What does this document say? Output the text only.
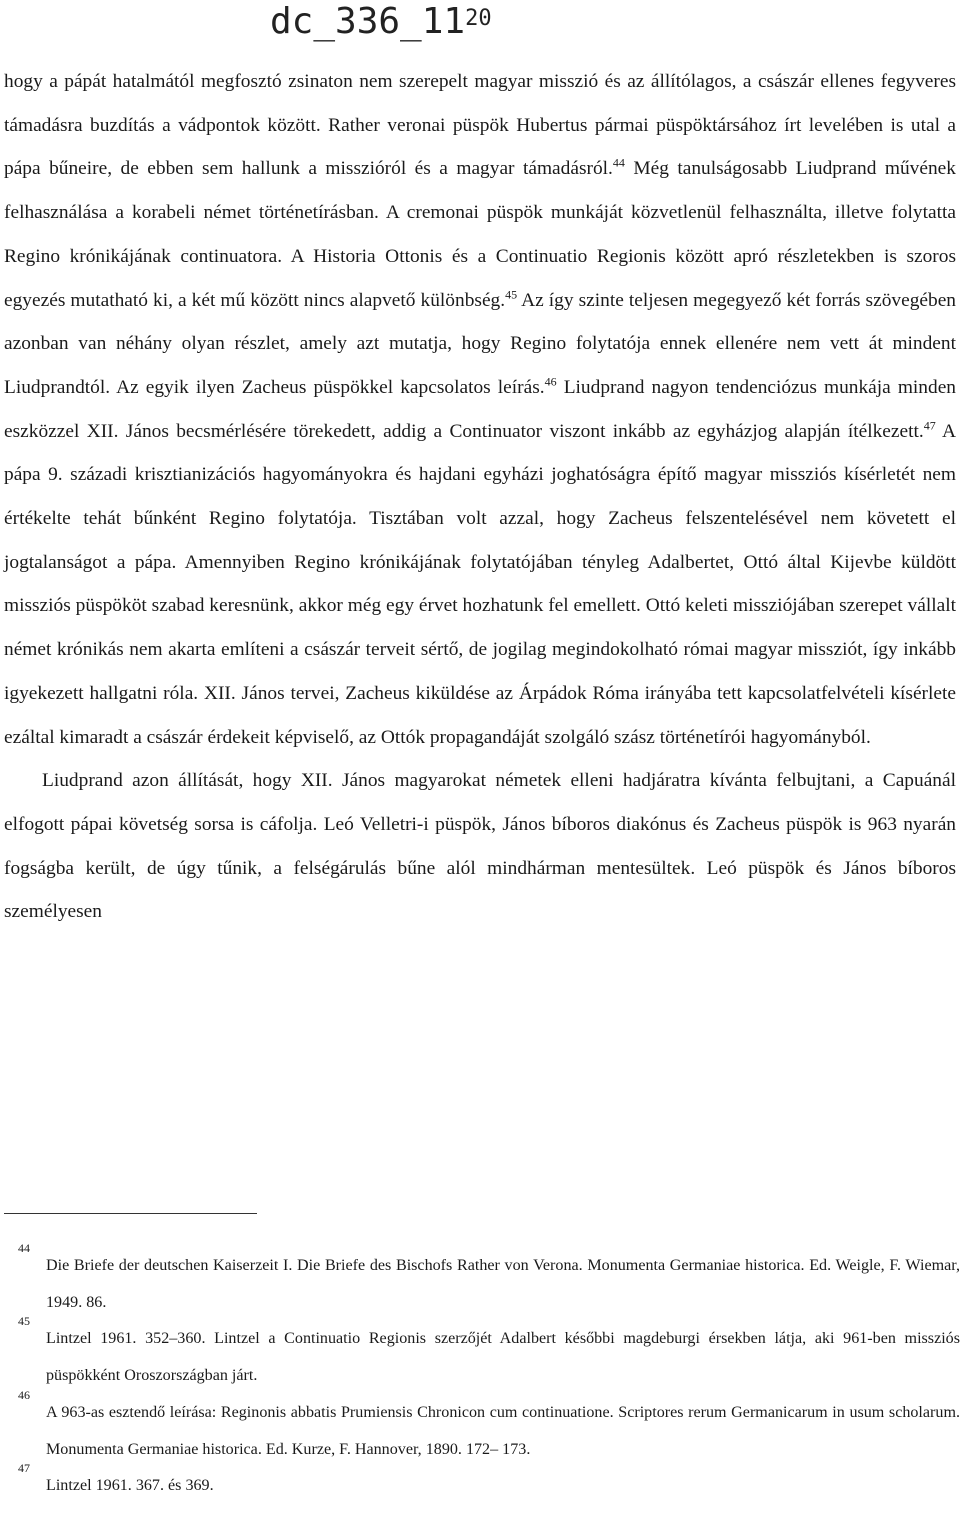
$dc\_336\_11^{20}$

hogy a pápát hatalmától megfosztó zsinaton nem szerepelt magyar misszió és az állítólagos, a császár ellenes fegyveres támadásra buzdítás a vádpontok között. Rather veronai püspök Hubertus pármai püspöktársához írt levelében is utal a pápa bűneire, de ebben sem hallunk a misszióról és a magyar támadásról.$^{44}$ Még tanulságosabb Liudprand művének felhasználása a korabeli német történetírásban. A cremonai püspök munkáját közvetlenül felhasználta, illetve folytatta Regino krónikájának continuatora. A Historia Ottonis és a Continuatio Regionis között apró részletekben is szoros egyezés mutatható ki, a két mű között nincs alapvető különbség.$^{45}$ Az így szinte teljesen megegyező két forrás szövegében azonban van néhány olyan részlet, amely azt mutatja, hogy Regino folytatója ennek ellenére nem vett át mindent Liudprandtól. Az egyik ilyen Zacheus püspökkel kapcsolatos leírás.$^{46}$ Liudprand nagyon tendenciózus munkája minden eszközzel XII. János becsmérlésére törekedett, addig a Continuator viszont inkább az egyházjog alapján ítélkezett.$^{47}$ A pápa 9. századi krisztianizációs hagyományokra és hajdani egyházi joghatóságra építő magyar missziós kísérletét nem értékelte tehát bűnként Regino folytatója. Tisztában volt azzal, hogy Zacheus felszentelésével nem követett el jogtalanságot a pápa. Amennyiben Regino krónikájának folytatójában tényleg Adalbertet, Ottó által Kijevbe küldött missziós püspököt szabad keresnünk, akkor még egy érvet hozhatunk fel emellett. Ottó keleti missziójában szerepet vállalt német krónikás nem akarta említeni a császár terveit sértő, de jogilag megindokolható római magyar missziót, így inkább igyekezett hallgatni róla. XII. János tervei, Zacheus kiküldése az Árpádok Róma irányába tett kapcsolatfelvételi kísérlete ezáltal kimaradt a császár érdekeit képviselő, az Ottók propagandáját szolgáló szász történetírói hagyományból.

Liudprand azon állítását, hogy XII. János magyarokat németek elleni hadjáratra kívánta felbujtani, a Capuánál elfogott pápai követség sorsa is cáfolja. Leó Velletri-i püspök, János bíboros diakónus és Zacheus püspök is 963 nyarán fogságba került, de úgy tűnik, a felségárulás bűne alól mindhárman mentesültek. Leó püspök és János bíboros személyesen

44
Die Briefe der deutschen Kaiserzeit I. Die Briefe des Bischofs Rather von Verona. Monumenta Germaniae historica. Ed. Weigle, F. Wiemar, 1949. 86.
45
Lintzel 1961. 352–360. Lintzel a Continuatio Regionis szerzőjét Adalbert későbbi magdeburgi érsekben látja, aki 961-ben missziós püspökként Oroszországban járt.
46
A 963-as esztendő leírása: Reginonis abbatis Prumiensis Chronicon cum continuatione. Scriptores rerum Germanicarum in usum scholarum. Monumenta Germaniae historica. Ed. Kurze, F. Hannover, 1890. 172– 173.
47
Lintzel 1961. 367. és 369.
